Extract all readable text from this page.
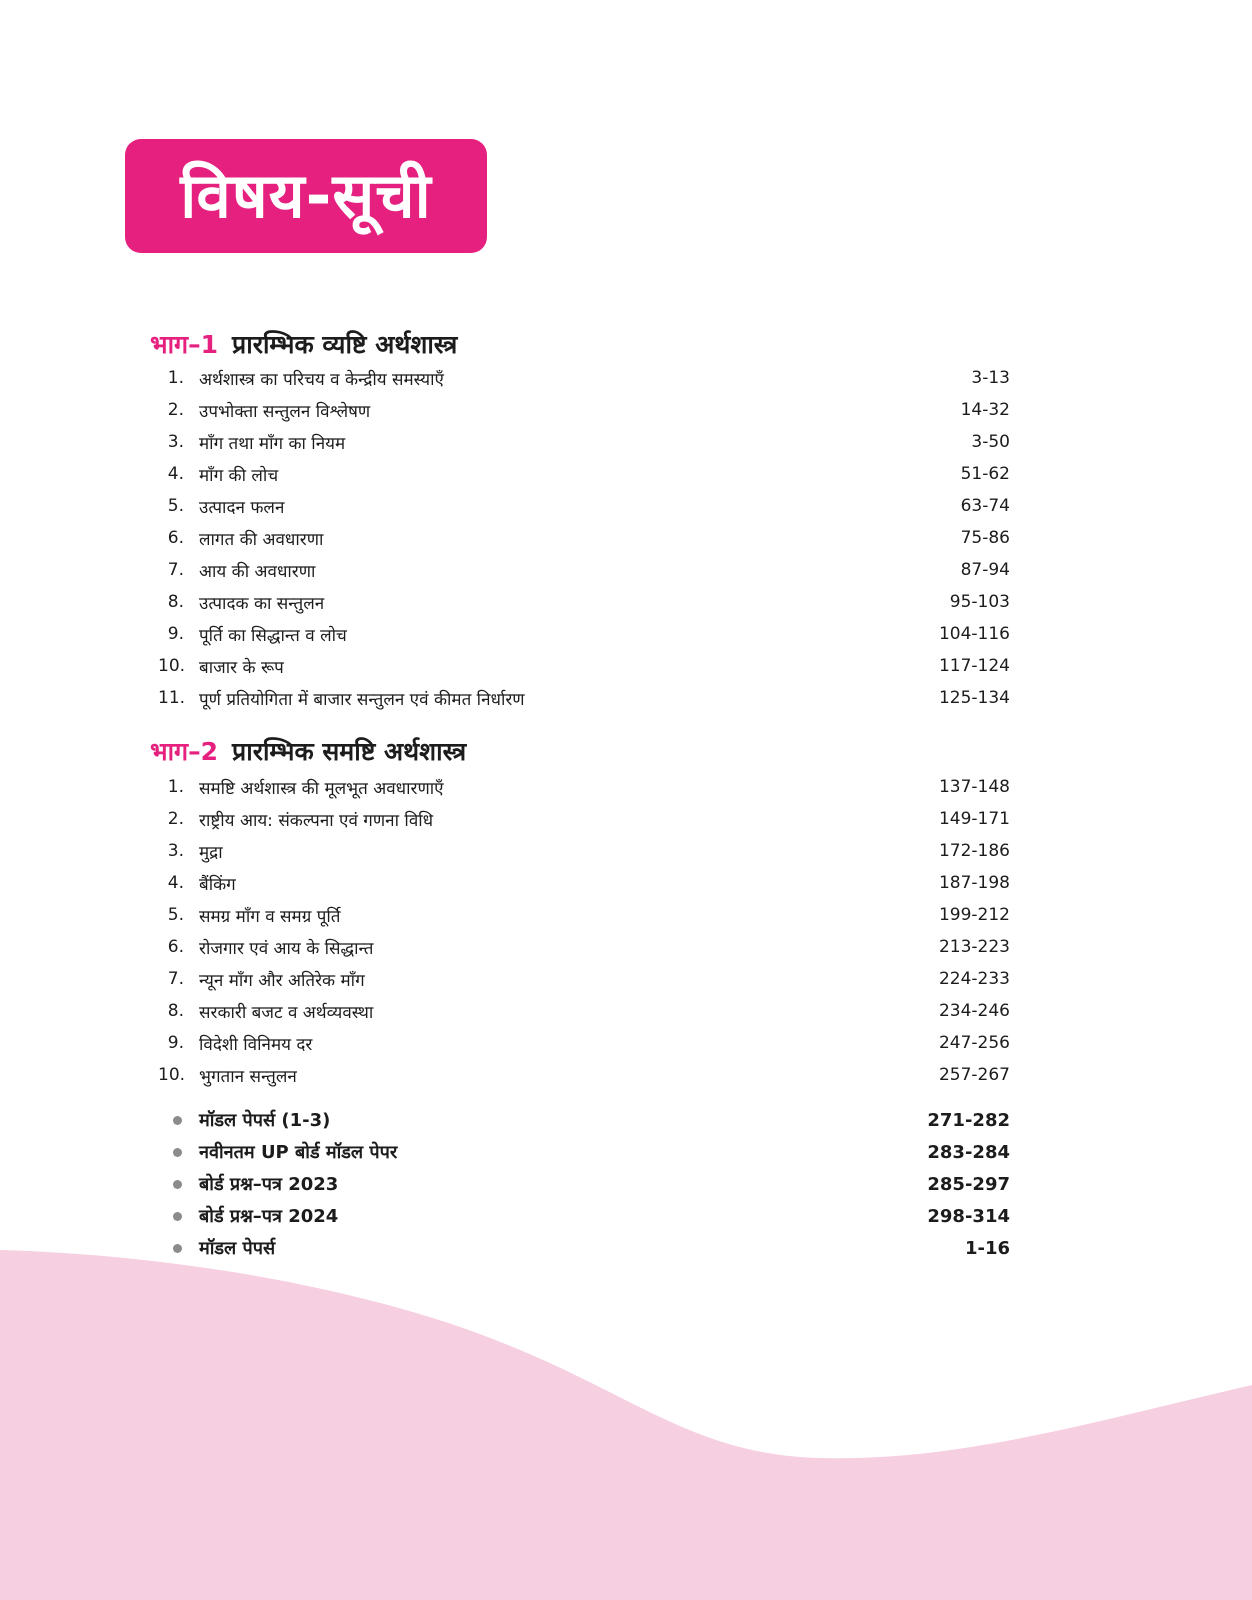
विषय-सूची
भाग–1 प्रारम्भिक व्यष्टि अर्थशास्त्र
1. अर्थशास्त्र का परिचय व केन्द्रीय समस्याएँ	3-13
2. उपभोक्ता सन्तुलन विश्लेषण	14-32
3. माँग तथा माँग का नियम	3-50
4. माँग की लोच	51-62
5. उत्पादन फलन	63-74
6. लागत की अवधारणा	75-86
7. आय की अवधारणा	87-94
8. उत्पादक का सन्तुलन	95-103
9. पूर्ति का सिद्धान्त व लोच	104-116
10. बाजार के रूप	117-124
11. पूर्ण प्रतियोगिता में बाजार सन्तुलन एवं कीमत निर्धारण	125-134
भाग–2 प्रारम्भिक समष्टि अर्थशास्त्र
1. समष्टि अर्थशास्त्र की मूलभूत अवधारणाएँ	137-148
2. राष्ट्रीय आय: संकल्पना एवं गणना विधि	149-171
3. मुद्रा	172-186
4. बैंकिंग	187-198
5. समग्र माँग व समग्र पूर्ति	199-212
6. रोजगार एवं आय के सिद्धान्त	213-223
7. न्यून माँग और अतिरेक माँग	224-233
8. सरकारी बजट व अर्थव्यवस्था	234-246
9. विदेशी विनिमय दर	247-256
10. भुगतान सन्तुलन	257-267
मॉडल पेपर्स (1-3)	271-282
नवीनतम UP बोर्ड मॉडल पेपर	283-284
बोर्ड प्रश्न–पत्र 2023	285-297
बोर्ड प्रश्न–पत्र 2024	298-314
मॉडल पेपर्स	1-16
